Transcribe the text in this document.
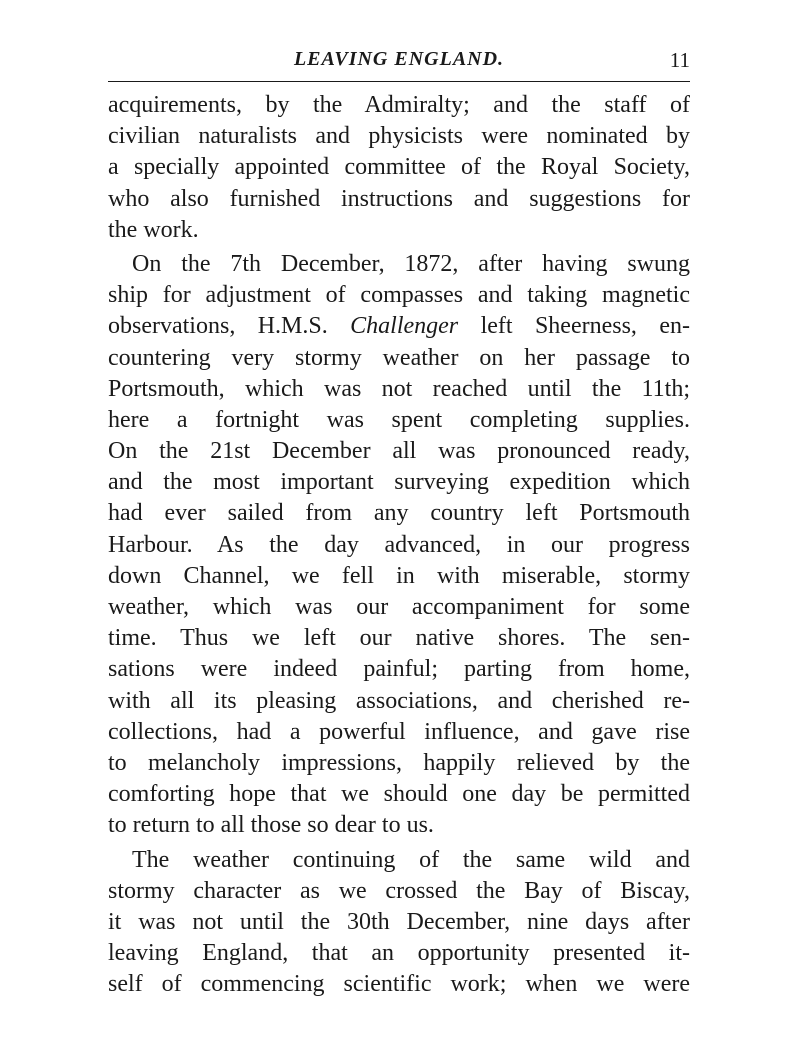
LEAVING ENGLAND.	11
acquirements, by the Admiralty; and the staff of
civilian naturalists and physicists were nominated by
a specially appointed committee of the Royal Society,
who also furnished instructions and suggestions for
the work.
On the 7th December, 1872, after having swung
ship for adjustment of compasses and taking magnetic
observations, H.M.S. Challenger left Sheerness, en-
countering very stormy weather on her passage to
Portsmouth, which was not reached until the 11th;
here a fortnight was spent completing supplies.
On the 21st December all was pronounced ready,
and the most important surveying expedition which
had ever sailed from any country left Portsmouth
Harbour. As the day advanced, in our progress
down Channel, we fell in with miserable, stormy
weather, which was our accompaniment for some
time. Thus we left our native shores. The sen-
sations were indeed painful; parting from home,
with all its pleasing associations, and cherished re-
collections, had a powerful influence, and gave rise
to melancholy impressions, happily relieved by the
comforting hope that we should one day be permitted
to return to all those so dear to us.
The weather continuing of the same wild and
stormy character as we crossed the Bay of Biscay,
it was not until the 30th December, nine days after
leaving England, that an opportunity presented it-
self of commencing scientific work; when we were
